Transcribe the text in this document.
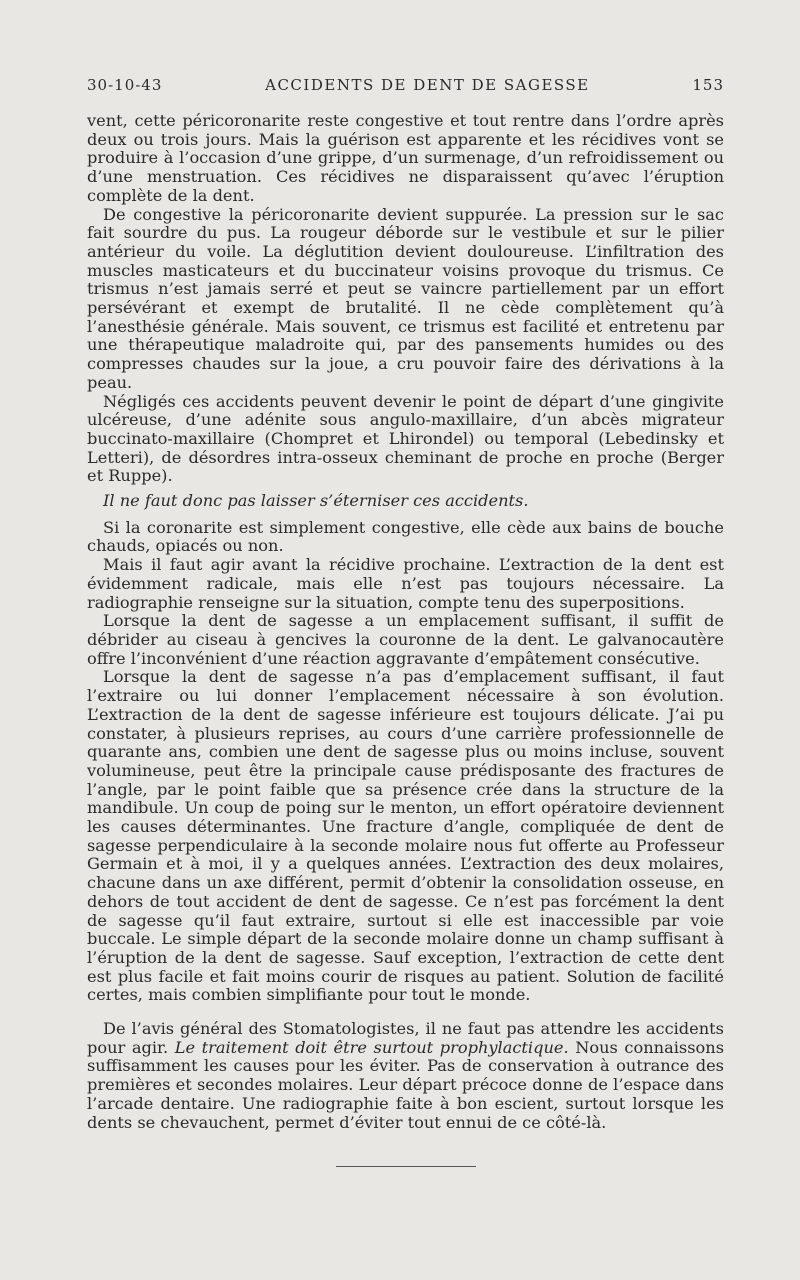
30-10-43	ACCIDENTS DE DENT DE SAGESSE	153

vent, cette péricoronarite reste congestive et tout rentre dans l’ordre après deux ou trois jours. Mais la guérison est apparente et les récidives vont se produire à l’occasion d’une grippe, d’un surmenage, d’un refroidissement ou d’une menstruation. Ces récidives ne disparaissent qu’avec l’éruption complète de la dent.

De congestive la péricoronarite devient suppurée. La pression sur le sac fait sourdre du pus. La rougeur déborde sur le vestibule et sur le pilier antérieur du voile. La déglutition devient douloureuse. L’infiltration des muscles masticateurs et du buccinateur voisins provoque du trismus. Ce trismus n’est jamais serré et peut se vaincre partiellement par un effort persévérant et exempt de brutalité. Il ne cède complètement qu’à l’anesthésie générale. Mais souvent, ce trismus est facilité et entretenu par une thérapeutique maladroite qui, par des pansements humides ou des compresses chaudes sur la joue, a cru pouvoir faire des dérivations à la peau.

Négligés ces accidents peuvent devenir le point de départ d’une gingivite ulcéreuse, d’une adénite sous angulo-maxillaire, d’un abcès migrateur buccinato-maxillaire (Chompret et Lhirondel) ou temporal (Lebedinsky et Letteri), de désordres intra-osseux cheminant de proche en proche (Berger et Ruppe).

Il ne faut donc pas laisser s’éterniser ces accidents.

Si la coronarite est simplement congestive, elle cède aux bains de bouche chauds, opiacés ou non.

Mais il faut agir avant la récidive prochaine. L’extraction de la dent est évidemment radicale, mais elle n’est pas toujours nécessaire. La radiographie renseigne sur la situation, compte tenu des superpositions.

Lorsque la dent de sagesse a un emplacement suffisant, il suffit de débrider au ciseau à gencives la couronne de la dent. Le galvanocautère offre l’inconvénient d’une réaction aggravante d’empâtement consécutive.

Lorsque la dent de sagesse n’a pas d’emplacement suffisant, il faut l’extraire ou lui donner l’emplacement nécessaire à son évolution. L’extraction de la dent de sagesse inférieure est toujours délicate. J’ai pu constater, à plusieurs reprises, au cours d’une carrière professionnelle de quarante ans, combien une dent de sagesse plus ou moins incluse, souvent volumineuse, peut être la principale cause prédisposante des fractures de l’angle, par le point faible que sa présence crée dans la structure de la mandibule. Un coup de poing sur le menton, un effort opératoire deviennent les causes déterminantes. Une fracture d’angle, compliquée de dent de sagesse perpendiculaire à la seconde molaire nous fut offerte au Professeur Germain et à moi, il y a quelques années. L’extraction des deux molaires, chacune dans un axe différent, permit d’obtenir la consolidation osseuse, en dehors de tout accident de dent de sagesse. Ce n’est pas forcément la dent de sagesse qu’il faut extraire, surtout si elle est inaccessible par voie buccale. Le simple départ de la seconde molaire donne un champ suffisant à l’éruption de la dent de sagesse. Sauf exception, l’extraction de cette dent est plus facile et fait moins courir de risques au patient. Solution de facilité certes, mais combien simplifiante pour tout le monde.

De l’avis général des Stomatologistes, il ne faut pas attendre les accidents pour agir. Le traitement doit être surtout prophylactique. Nous connaissons suffisamment les causes pour les éviter. Pas de conservation à outrance des premières et secondes molaires. Leur départ précoce donne de l’espace dans l’arcade dentaire. Une radiographie faite à bon escient, surtout lorsque les dents se chevauchent, permet d’éviter tout ennui de ce côté-là.
